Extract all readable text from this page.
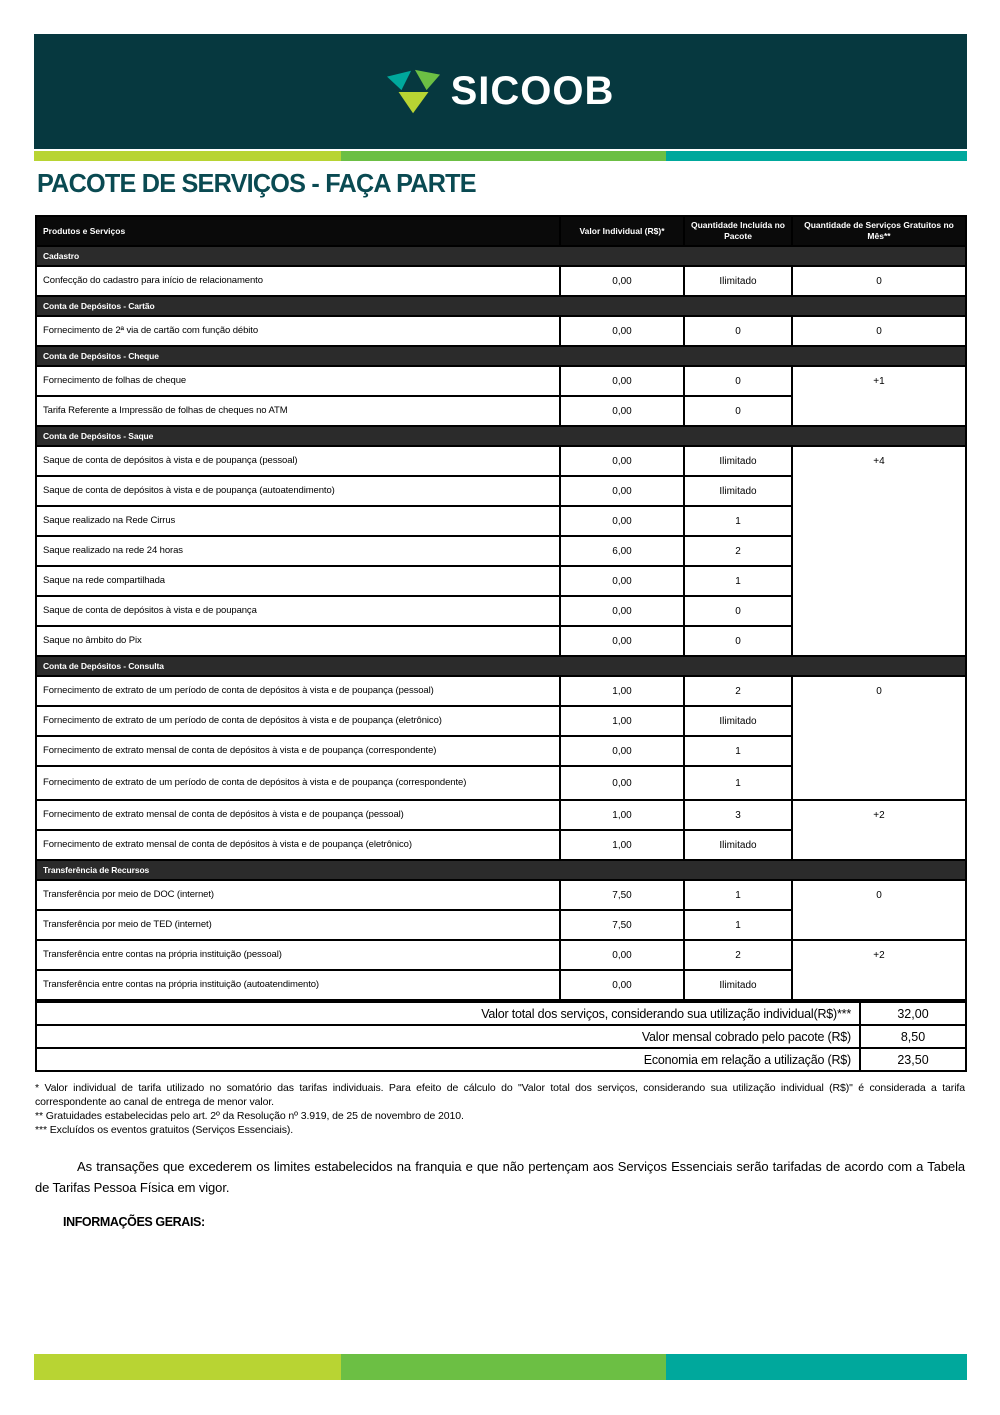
SICOOB
PACOTE DE SERVIÇOS - FAÇA PARTE
Produtos e Serviços	Valor Individual (R$)*	Quantidade Incluída no Pacote	Quantidade de Serviços Gratuitos no Mês**
Cadastro			
Confecção do cadastro para início de relacionamento	0,00	Ilimitado	0
Conta de Depósitos - Cartão			
Fornecimento de 2ª via de cartão com função débito	0,00	0	0
Conta de Depósitos - Cheque			
Fornecimento de folhas de cheque	0,00	0	+1
Tarifa Referente a Impressão de folhas de cheques no ATM	0,00	0	
Conta de Depósitos - Saque			
Saque de conta de depósitos à vista e de poupança (pessoal)	0,00	Ilimitado	+4
Saque de conta de depósitos à vista e de poupança (autoatendimento)	0,00	Ilimitado	
Saque realizado na Rede Cirrus	0,00	1	
Saque realizado na rede 24 horas	6,00	2	
Saque na rede compartilhada	0,00	1	
Saque de conta de depósitos à vista e de poupança	0,00	0	
Saque no âmbito do Pix	0,00	0	
Conta de Depósitos - Consulta			
Fornecimento de extrato de um período de conta de depósitos à vista e de poupança (pessoal)	1,00	2	0
Fornecimento de extrato de um período de conta de depósitos à vista e de poupança (eletrônico)	1,00	Ilimitado	
Fornecimento de extrato mensal de conta de depósitos à vista e de poupança (correspondente)	0,00	1	
Fornecimento de extrato de um período de conta de depósitos à vista e de poupança (correspondente)	0,00	1	
Fornecimento de extrato mensal de conta de depósitos à vista e de poupança (pessoal)	1,00	3	+2
Fornecimento de extrato mensal de conta de depósitos à vista e de poupança (eletrônico)	1,00	Ilimitado	
Transferência de Recursos			
Transferência por meio de DOC (internet)	7,50	1	0
Transferência por meio de TED (internet)	7,50	1	
Transferência entre contas na própria instituição (pessoal)	0,00	2	+2
Transferência entre contas na própria instituição (autoatendimento)	0,00	Ilimitado	
Valor total dos serviços, considerando sua utilização individual(R$)***	32,00
Valor mensal cobrado pelo pacote (R$)	8,50
Economia em relação a utilização (R$)	23,50

* Valor individual de tarifa utilizado no somatório das tarifas individuais. Para efeito de cálculo do "Valor total dos serviços, considerando sua utilização individual (R$)" é considerada a tarifa correspondente ao canal de entrega de menor valor.

** Gratuidades estabelecidas pelo art. 2º da Resolução nº 3.919, de 25 de novembro de 2010.

*** Excluídos os eventos gratuitos (Serviços Essenciais).

As transações que excederem os limites estabelecidos na franquia e que não pertençam aos Serviços Essenciais serão tarifadas de acordo com a Tabela de Tarifas Pessoa Física em vigor.

INFORMAÇÕES GERAIS:
